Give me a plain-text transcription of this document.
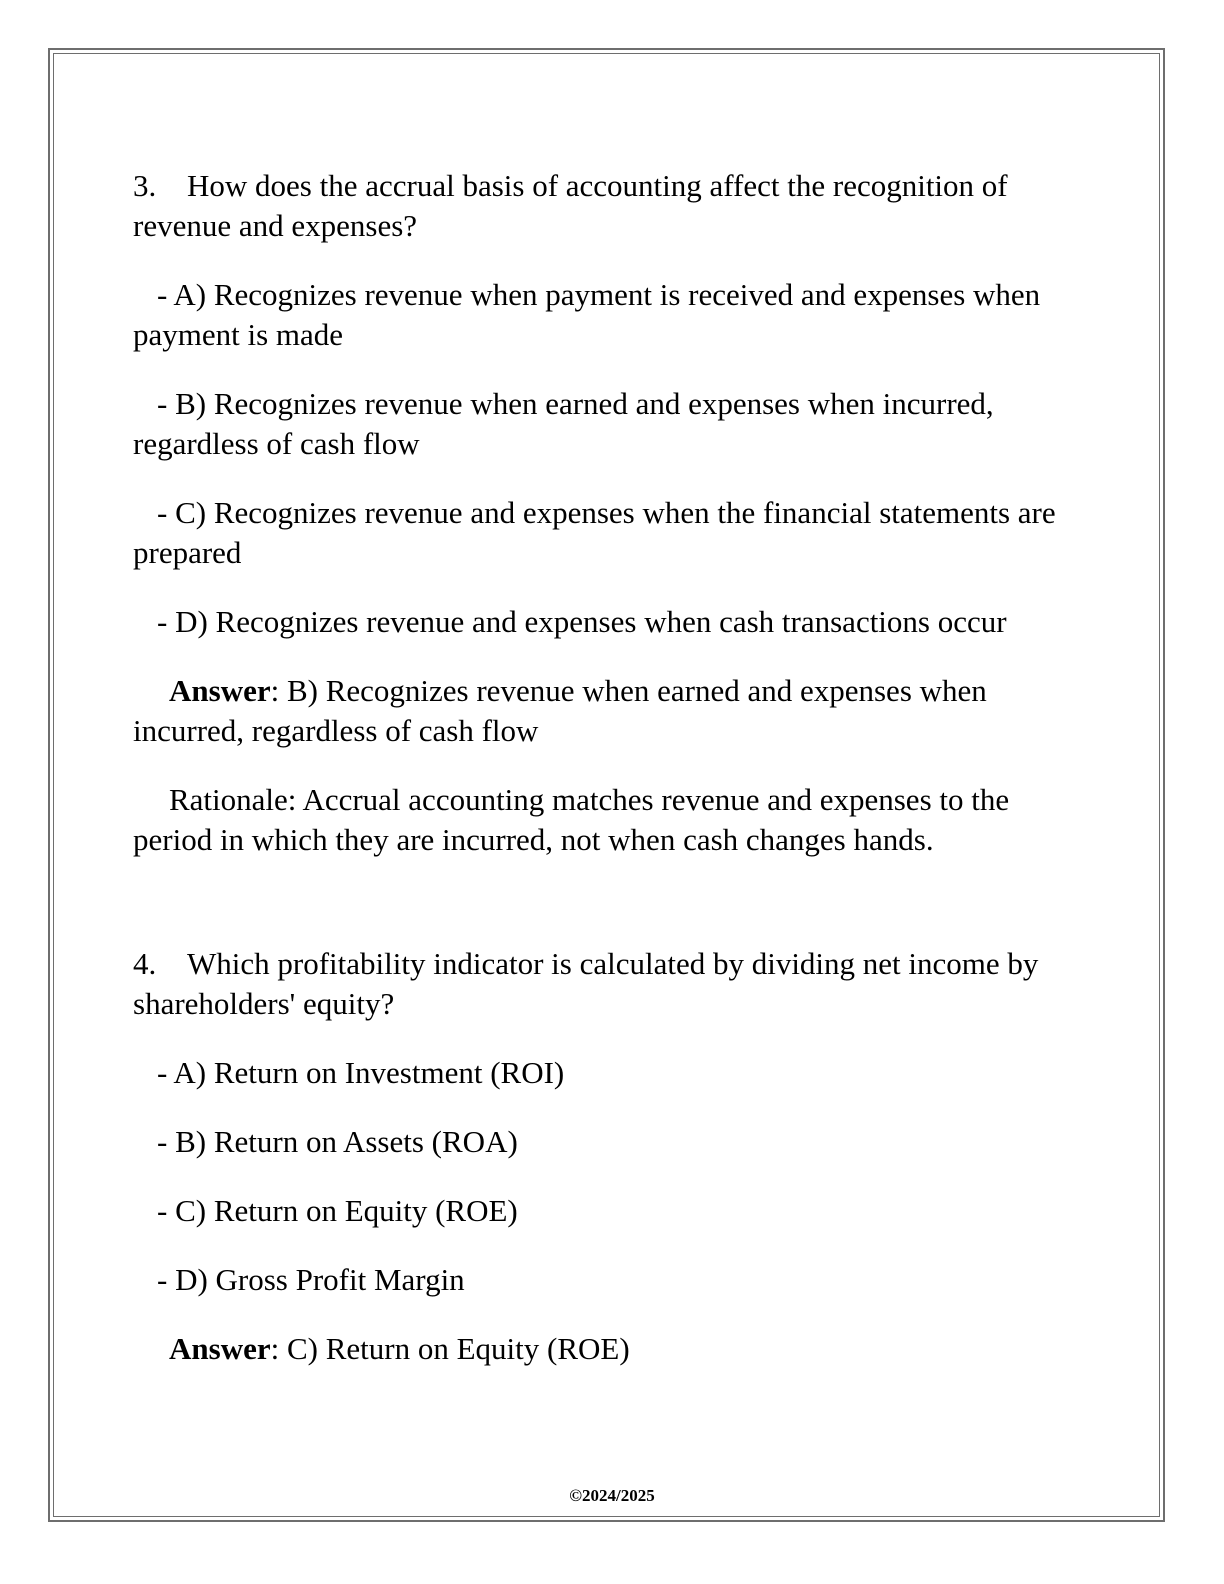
3. How does the accrual basis of accounting affect the recognition of revenue and expenses?
- A) Recognizes revenue when payment is received and expenses when payment is made
- B) Recognizes revenue when earned and expenses when incurred, regardless of cash flow
- C) Recognizes revenue and expenses when the financial statements are prepared
- D) Recognizes revenue and expenses when cash transactions occur
Answer: B) Recognizes revenue when earned and expenses when incurred, regardless of cash flow
Rationale: Accrual accounting matches revenue and expenses to the period in which they are incurred, not when cash changes hands.
4. Which profitability indicator is calculated by dividing net income by shareholders' equity?
- A) Return on Investment (ROI)
- B) Return on Assets (ROA)
- C) Return on Equity (ROE)
- D) Gross Profit Margin
Answer: C) Return on Equity (ROE)
©2024/2025
